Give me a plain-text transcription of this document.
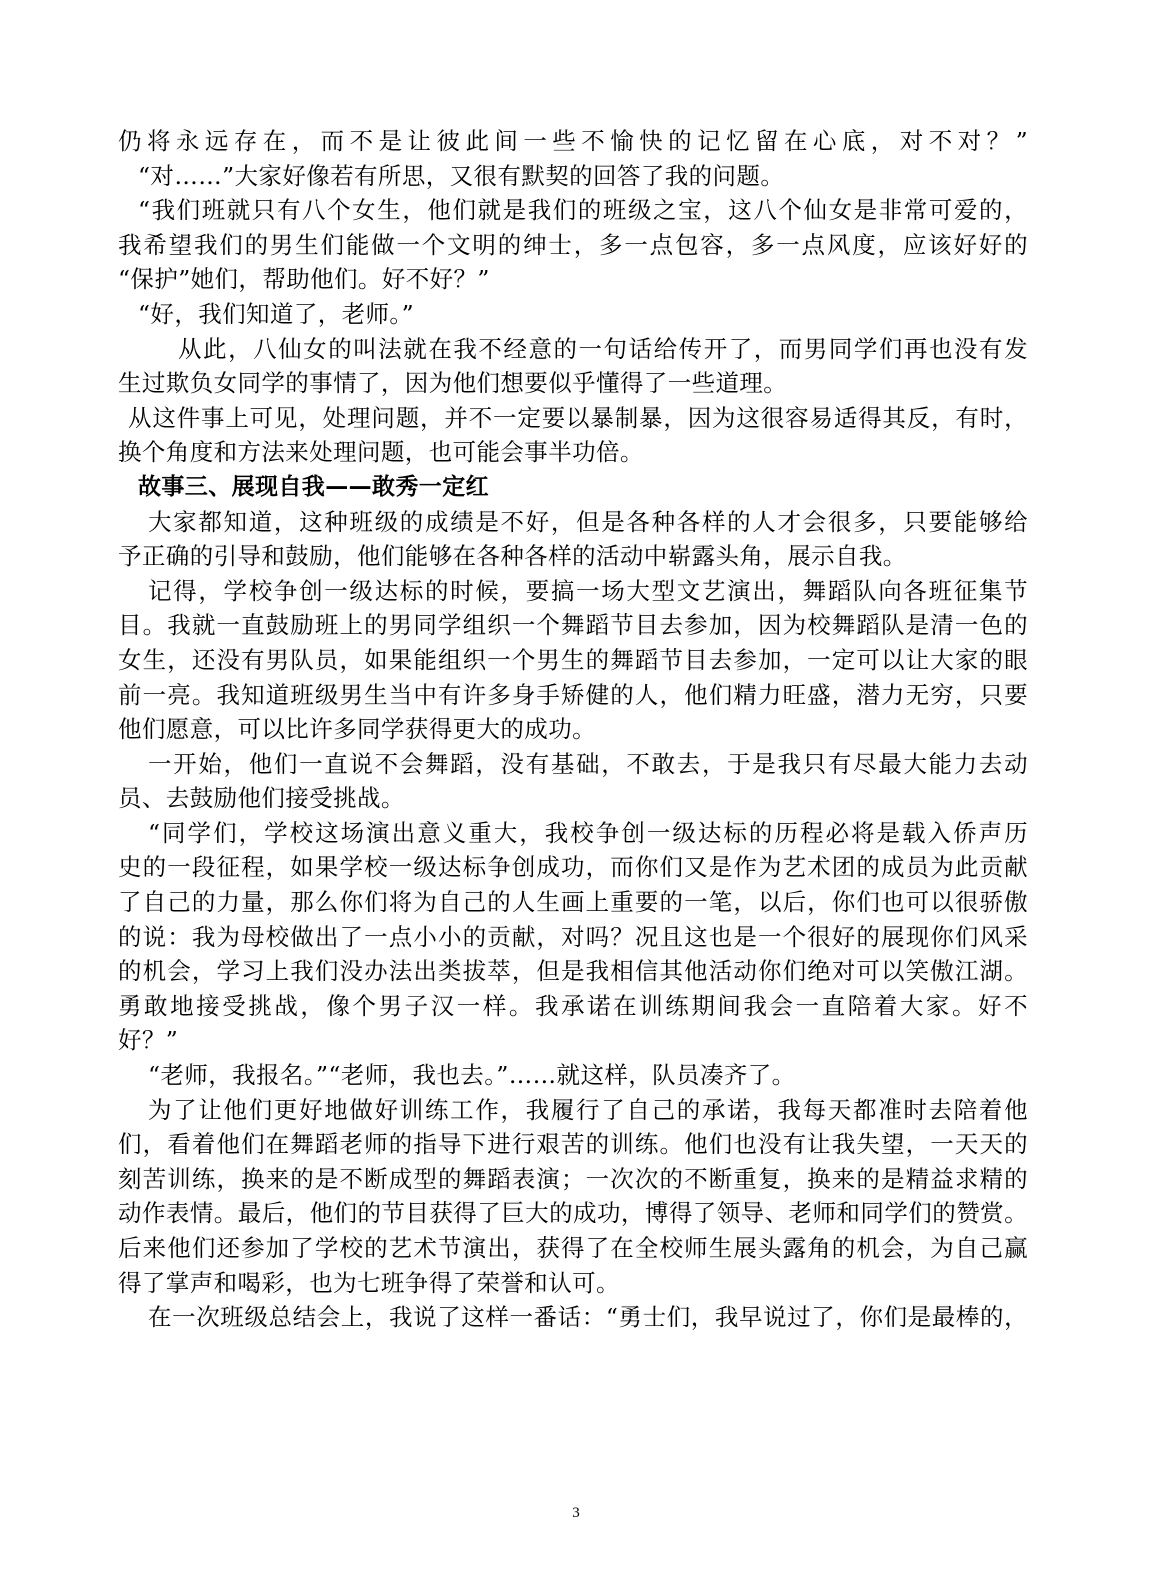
仍将永远存在，而不是让彼此间一些不愉快的记忆留在心底，对不对？”
“对……”大家好像若有所思，又很有默契的回答了我的问题。
“我们班就只有八个女生，他们就是我们的班级之宝，这八个仙女是非常可爱的，
我希望我们的男生们能做一个文明的绅士，多一点包容，多一点风度，应该好好的
“保护”她们，帮助他们。好不好？”
“好，我们知道了，老师。”
从此，八仙女的叫法就在我不经意的一句话给传开了，而男同学们再也没有发
生过欺负女同学的事情了，因为他们想要似乎懂得了一些道理。
从这件事上可见，处理问题，并不一定要以暴制暴，因为这很容易适得其反，有时，
换个角度和方法来处理问题，也可能会事半功倍。
故事三、展现自我——敢秀一定红
大家都知道，这种班级的成绩是不好，但是各种各样的人才会很多，只要能够给
予正确的引导和鼓励，他们能够在各种各样的活动中崭露头角，展示自我。
记得，学校争创一级达标的时候，要搞一场大型文艺演出，舞蹈队向各班征集节
目。我就一直鼓励班上的男同学组织一个舞蹈节目去参加，因为校舞蹈队是清一色的
女生，还没有男队员，如果能组织一个男生的舞蹈节目去参加，一定可以让大家的眼
前一亮。我知道班级男生当中有许多身手矫健的人，他们精力旺盛，潜力无穷，只要
他们愿意，可以比许多同学获得更大的成功。
一开始，他们一直说不会舞蹈，没有基础，不敢去，于是我只有尽最大能力去动
员、去鼓励他们接受挑战。
“同学们，学校这场演出意义重大，我校争创一级达标的历程必将是载入侨声历
史的一段征程，如果学校一级达标争创成功，而你们又是作为艺术团的成员为此贡献
了自己的力量，那么你们将为自己的人生画上重要的一笔，以后，你们也可以很骄傲
的说：我为母校做出了一点小小的贡献，对吗？况且这也是一个很好的展现你们风采
的机会，学习上我们没办法出类拔萃，但是我相信其他活动你们绝对可以笑傲江湖。
勇敢地接受挑战，像个男子汉一样。我承诺在训练期间我会一直陪着大家。好不
好？”
“老师，我报名。”“老师，我也去。”……就这样，队员凑齐了。
为了让他们更好地做好训练工作，我履行了自己的承诺，我每天都准时去陪着他
们，看着他们在舞蹈老师的指导下进行艰苦的训练。他们也没有让我失望，一天天的
刻苦训练，换来的是不断成型的舞蹈表演；一次次的不断重复，换来的是精益求精的
动作表情。最后，他们的节目获得了巨大的成功，博得了领导、老师和同学们的赞赏。
后来他们还参加了学校的艺术节演出，获得了在全校师生展头露角的机会，为自己赢
得了掌声和喝彩，也为七班争得了荣誉和认可。
在一次班级总结会上，我说了这样一番话：“勇士们，我早说过了，你们是最棒的，
3
